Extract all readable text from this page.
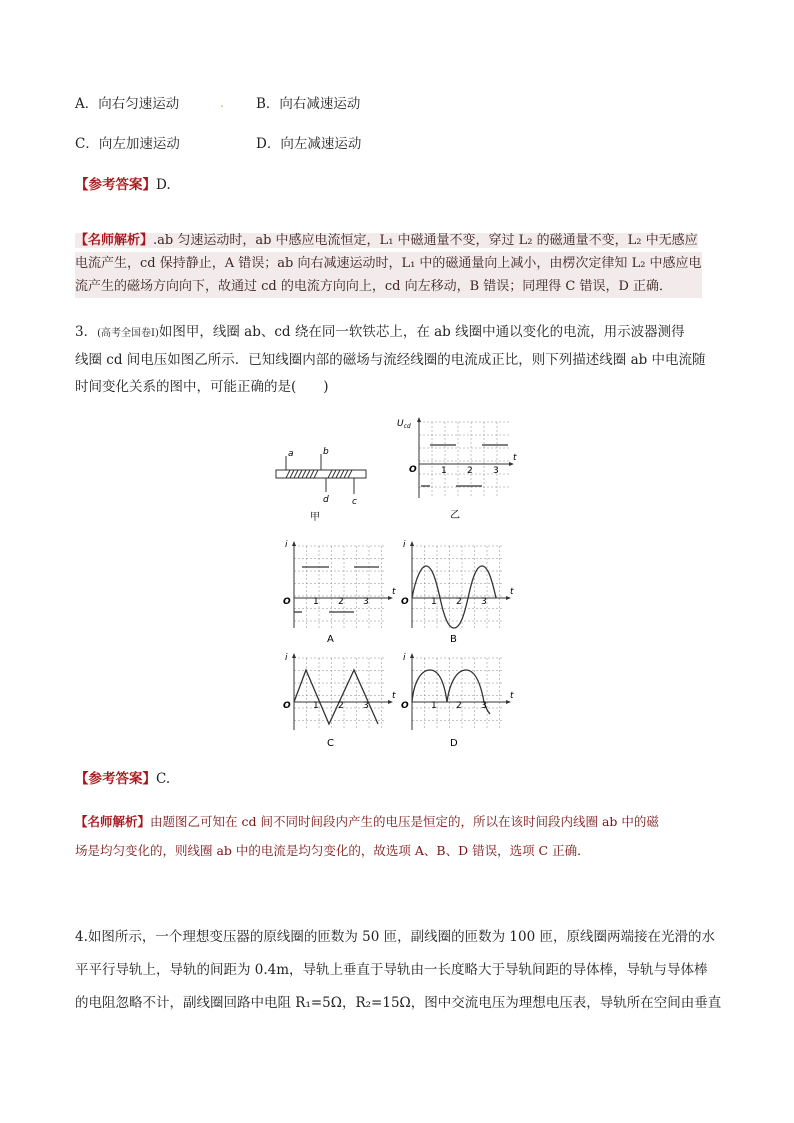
A．向右匀速运动	. B．向右减速运动
C．向左加速运动	D．向左减速运动
【参考答案】D.
【名师解析】.ab 匀速运动时，ab 中感应电流恒定，L₁ 中磁通量不变，穿过 L₂ 的磁通量不变，L₂ 中无感应
电流产生，cd 保持静止，A 错误；ab 向右减速运动时，L₁ 中的磁通量向上减小，由楞次定律知 L₂ 中感应电
流产生的磁场方向向下，故通过 cd 的电流方向向上，cd 向左移动，B 错误；同理得 C 错误，D 正确．
3．(高考全国卷Ⅰ)如图甲，线圈 ab、cd 绕在同一软铁芯上，在 ab 线圈中通以变化的电流，用示波器测得
线圈 cd 间电压如图乙所示．已知线圈内部的磁场与流经线圈的电流成正比，则下列描述线圈 ab 中电流随
时间变化关系的图中，可能正确的是(　　)
a	b
d	c
甲
$U_{cd}$
O
t
1 2 3
乙
i
O
t
1 2 3
A
i
O
t
1 2 3
B
i
O
t
1 2 3
C
i
O
t
1 2 3
D
【参考答案】C.
【名师解析】由题图乙可知在 cd 间不同时间段内产生的电压是恒定的，所以在该时间段内线圈 ab 中的磁
场是均匀变化的，则线圈 ab 中的电流是均匀变化的，故选项 A、B、D 错误，选项 C 正确．
4.如图所示，一个理想变压器的原线圈的匝数为 50 匝，副线圈的匝数为 100 匝，原线圈两端接在光滑的水
平平行导轨上，导轨的间距为 0.4m，导轨上垂直于导轨由一长度略大于导轨间距的导体棒，导轨与导体棒
的电阻忽略不计，副线圈回路中电阻 R₁=5Ω，R₂=15Ω，图中交流电压为理想电压表，导轨所在空间由垂直
